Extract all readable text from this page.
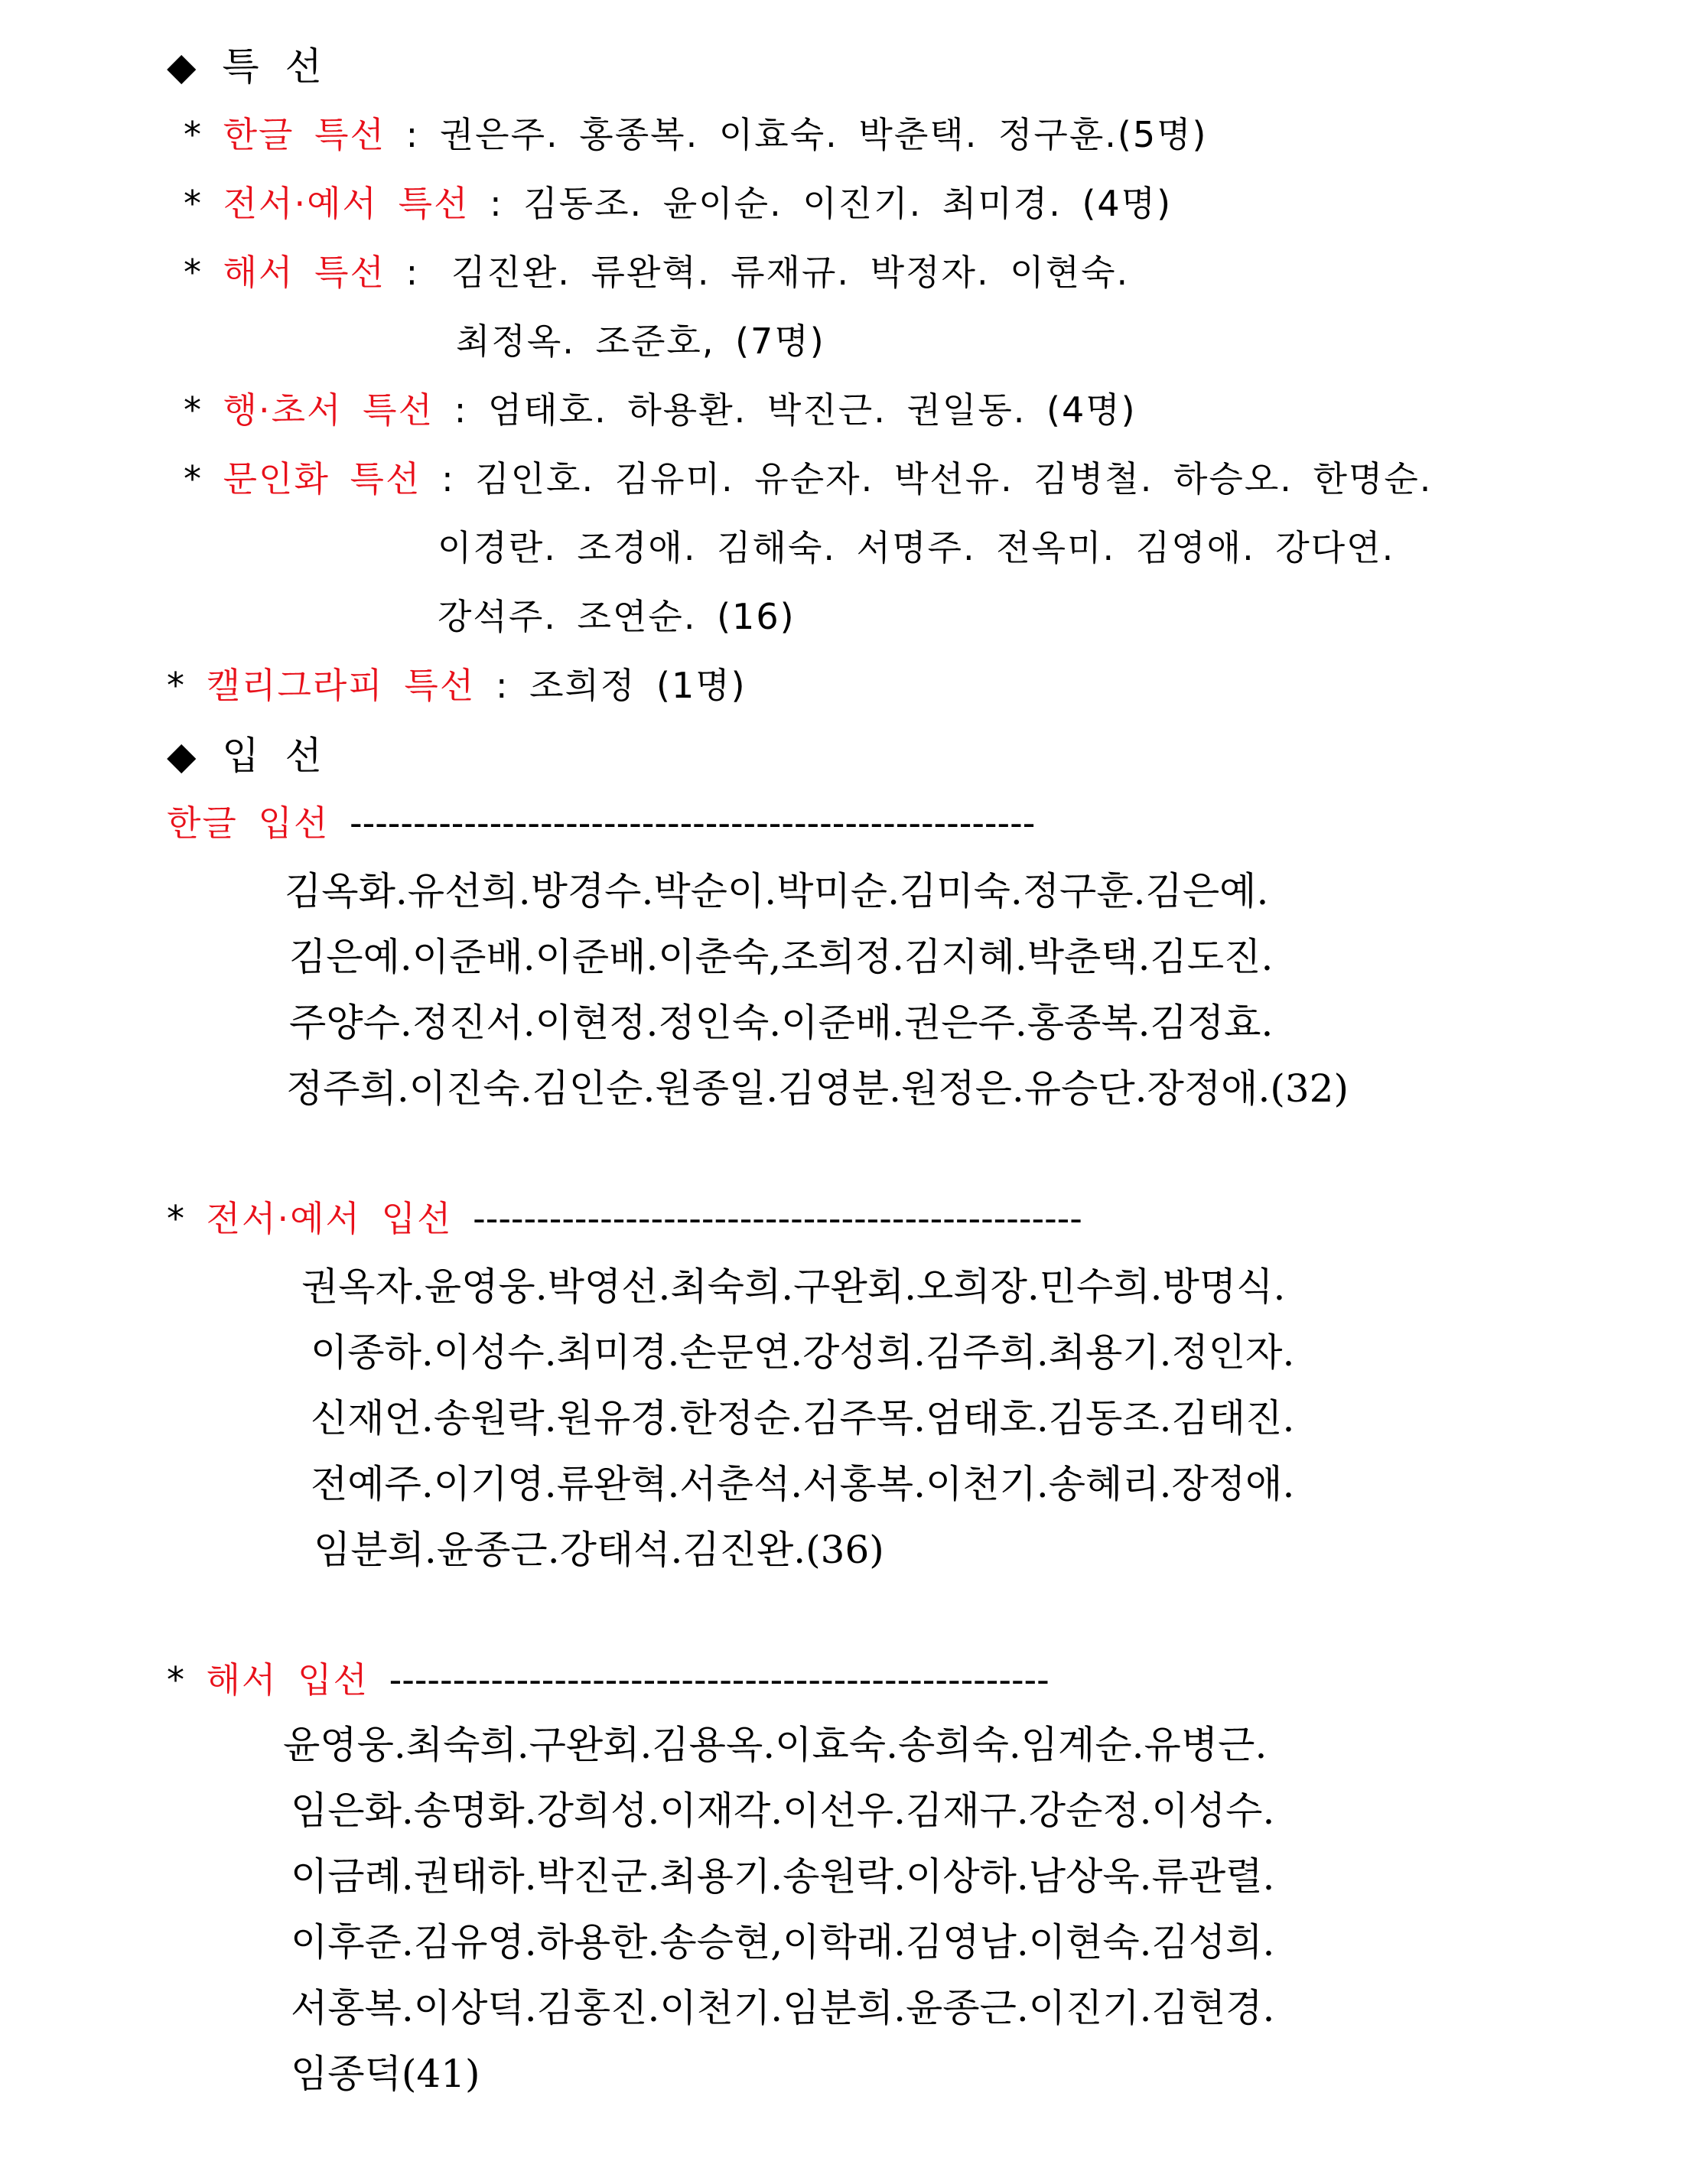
◆ 특 선
* 한글 특선 : 권은주. 홍종복. 이효숙. 박춘택. 정구훈.(5명)
* 전서·예서 특선 : 김동조. 윤이순. 이진기. 최미경. (4명)
* 해서 특선 : 김진완. 류완혁. 류재규. 박정자. 이현숙.
최정옥. 조준호, (7명)
* 행·초서 특선 : 엄태호. 하용환. 박진근. 권일동. (4명)
* 문인화 특선 : 김인호. 김유미. 유순자. 박선유. 김병철. 하승오. 한명순.
이경란. 조경애. 김해숙. 서명주. 전옥미. 김영애. 강다연.
강석주. 조연순. (16)
* 캘리그라피 특선 : 조희정 (1명)
◆ 입 선
한글 입선 ------------------------------------------------------
김옥화.유선희.방경수.박순이.박미순.김미숙.정구훈.김은예.
김은예.이준배.이준배.이춘숙,조희정.김지혜.박춘택.김도진.
주양수.정진서.이현정.정인숙.이준배.권은주.홍종복.김정효.
정주희.이진숙.김인순.원종일.김영분.원정은.유승단.장정애.(32)
* 전서·예서 입선 ------------------------------------------------
권옥자.윤영웅.박영선.최숙희.구완회.오희장.민수희.방명식.
이종하.이성수.최미경.손문연.강성희.김주희.최용기.정인자.
신재언.송원락.원유경.한정순.김주목.엄태호.김동조.김태진.
전예주.이기영.류완혁.서춘석.서홍복.이천기.송혜리.장정애.
임분희.윤종근.강태석.김진완.(36)
* 해서 입선 ----------------------------------------------------
윤영웅.최숙희.구완회.김용옥.이효숙.송희숙.임계순.유병근.
임은화.송명화.강희성.이재각.이선우.김재구.강순정.이성수.
이금례.권태하.박진군.최용기.송원락.이상하.남상욱.류관렬.
이후준.김유영.하용한.송승현,이학래.김영남.이현숙.김성희.
서홍복.이상덕.김홍진.이천기.임분희.윤종근.이진기.김현경.
임종덕(41)
